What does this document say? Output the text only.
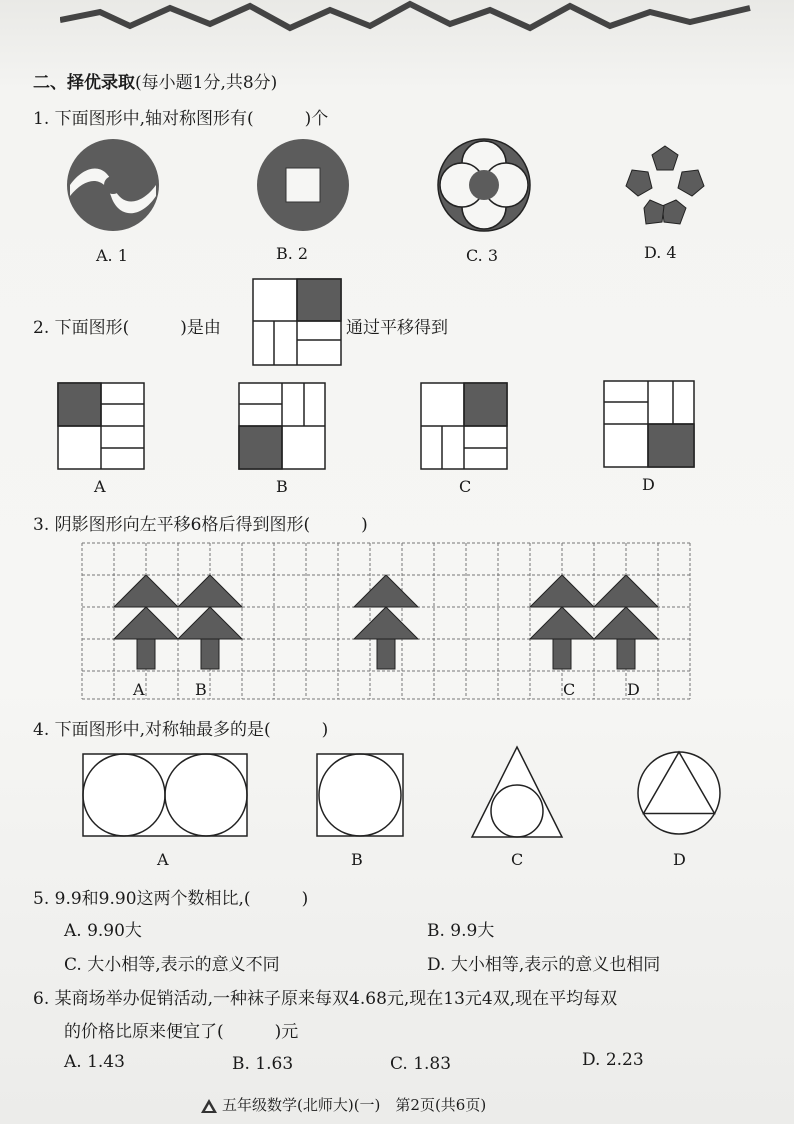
二、择优录取(每小题1分,共8分)
1. 下面图形中,轴对称图形有(　　　)个
A. 1	B. 2	C. 3	D. 4
2. 下面图形(　　　)是由	通过平移得到
A	B	C	D
3. 阴影图形向左平移6格后得到图形(　　　)
A	B	C	D
4. 下面图形中,对称轴最多的是(　　　)
A	B	C	D
5. 9.9和9.90这两个数相比,(　　　)
A. 9.90大	B. 9.9大
C. 大小相等,表示的意义不同	D. 大小相等,表示的意义也相同
6. 某商场举办促销活动,一种袜子原来每双4.68元,现在13元4双,现在平均每双
的价格比原来便宜了(　　　)元
A. 1.43	B. 1.63	C. 1.83	D. 2.23
五年级数学(北师大)(一)　第2页(共6页)
